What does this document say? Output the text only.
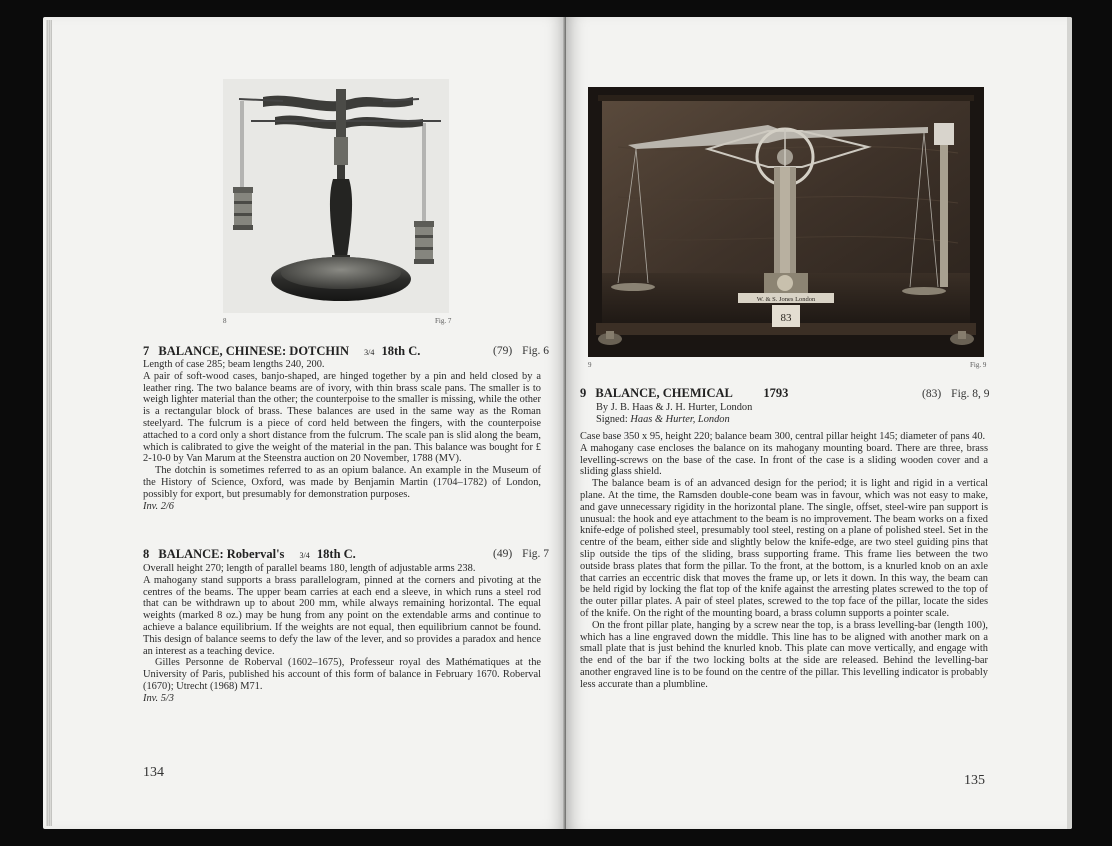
8	Fig. 7
7 BALANCE, CHINESE: DOTCHIN 3/4 18th C.	(79) Fig. 6

Length of case 285; beam lengths 240, 200.

A pair of soft-wood cases, banjo-shaped, are hinged together by a pin and held closed by a leather ring. The two balance beams are of ivory, with thin brass scale pans. The smaller is to weigh lighter material than the other; the counterpoise to the smaller is missing, while the other is a rectangular block of brass. These balances are used in the same way as the Roman steelyard. The fulcrum is a piece of cord held between the fingers, with the counterpoise attached to a cord only a short distance from the fulcrum. The scale pan is slid along the beam, which is calibrated to give the weight of the material in the pan. This balance was bought for £ 2-10-0 by Van Marum at the Steenstra auction on 20 November, 1788 (MV).

The dotchin is sometimes referred to as an opium balance. An example in the Museum of the History of Science, Oxford, was made by Benjamin Martin (1704–1782) of London, possibly for export, but presumably for demonstration purposes.

Inv. 2/6

8 BALANCE: Roberval's 3/4 18th C.	(49) Fig. 7

Overall height 270; length of parallel beams 180, length of adjustable arms 238.

A mahogany stand supports a brass parallelogram, pinned at the corners and pivoting at the centres of the beams. The upper beam carries at each end a sleeve, in which runs a steel rod that can be withdrawn up to about 200 mm, while always remaining horizontal. The equal weights (marked 8 oz.) may be hung from any point on the extendable arms and continue to achieve a balance equilibrium. If the weights are not equal, then equilibrium cannot be found. This design of balance seems to defy the law of the lever, and so provides a paradox and hence an interest as a teaching device.

Gilles Personne de Roberval (1602–1675), Professeur royal des Mathématiques at the University of Paris, published his account of this form of balance in February 1670. Roberval (1670); Utrecht (1968) M71.

Inv. 5/3

134
W. & S. Jones London
83
9	Fig. 9
9 BALANCE, CHEMICAL 1793	(83) Fig. 8, 9
By J. B. Haas & J. H. Hurter, London
Signed: Haas & Hurter, London

Case base 350 x 95, height 220; balance beam 300, central pillar height 145; diameter of pans 40.

A mahogany case encloses the balance on its mahogany mounting board. There are three, brass levelling-screws on the base of the case. In front of the case is a sliding wooden cover and a sliding glass shield.

The balance beam is of an advanced design for the period; it is light and rigid in a vertical plane. At the time, the Ramsden double-cone beam was in favour, which was not easy to make, and gave unnecessary rigidity in the horizontal plane. The single, offset, steel-wire pan support is unusual: the hook and eye attachment to the beam is no improvement. The beam works on a fixed knife-edge of polished steel, presumably tool steel, resting on a plane of polished steel. Set in the centre of the beam, either side and slightly below the knife-edge, are two steel guiding pins that slip outside the tips of the sliding, brass supporting frame. This frame lies between the two outside brass plates that form the pillar. To the front, at the bottom, is a knurled knob on an axle that carries an eccentric disk that moves the frame up, or lets it down. In this way, the beam can be held rigid by locking the flat top of the knife against the arresting plates screwed to the top of the outer pillar plates. A pair of steel plates, screwed to the top face of the pillar, locate the sides of the knife. On the right of the mounting board, a brass column supports a pointer scale.

On the front pillar plate, hanging by a screw near the top, is a brass levelling-bar (length 100), which has a line engraved down the middle. This line has to be aligned with another mark on a small plate that is just behind the knurled knob. This plate can move vertically, and engage with the end of the bar if the two locking bolts at the side are released. Behind the levelling-bar another engraved line is to be found on the centre of the pillar. This levelling indicator is probably less accurate than a plumbline.

135
